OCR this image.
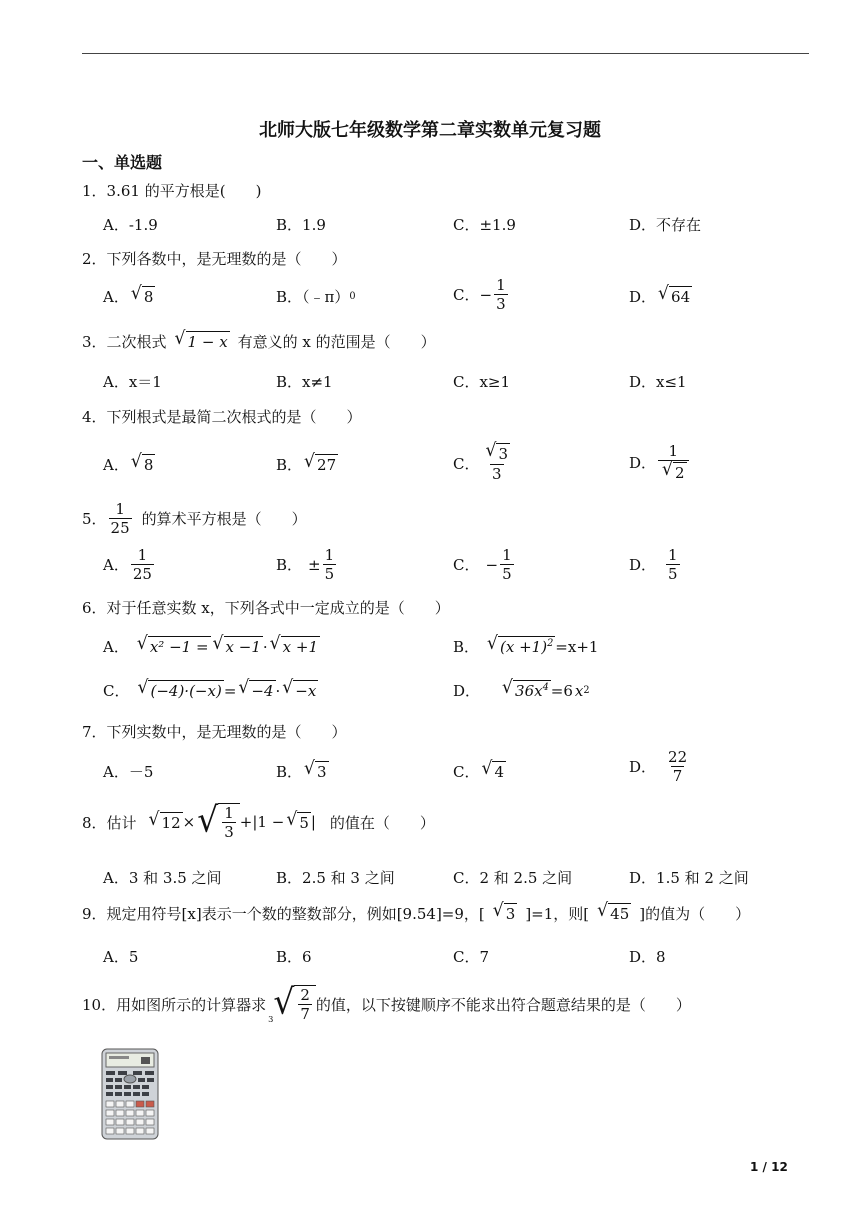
北师大版七年级数学第二章实数单元复习题
一、单选题
1．3.61 的平方根是(　　)
A．-1.9	B．1.9	C．±1.9	D．不存在
2．下列各数中，是无理数的是（　　）
A． √ 8	B．（﹣π） 0	C． − $\frac{1}{3}$	D． √ 64
3．二次根式 √ 1 − x 有意义的 x 的范围是（　　）
A．x＝1	B．x≠1	C．x≥1	D．x≤1
4．下列根式是最简二次根式的是（　　）
A． √ 8	B． √ 27	C． $\frac{√ 3}{3}$	D． $\frac{1}{√ 2}$
5． $\frac{1}{25}$ 的算术平方根是（　　）
A． $\frac{1}{25}$	B． ± $\frac{1}{5}$	C． − $\frac{1}{5}$	D． $\frac{1}{5}$
6．对于任意实数 x，下列各式中一定成立的是（　　）
A． √ x² −1 = √ x −1 · √ x +1	B． √ $(x +1)^2 =x+1$
C． √ (−4)·(−x) = √ −4 · √ −x	D． √ $36x^4 =6$ x 2
7．下列实数中，是无理数的是（　　）
A．－5	B． √ 3	C． √ 4	D． $\frac{22}{7}$
8．估计 √ 12 × √ $\frac{1}{3} + |1$ − √ 5 | 的值在（　　）
A．3 和 3.5 之间	B．2.5 和 3 之间	C．2 和 2.5 之间	D．1.5 和 2 之间
9．规定用符号[x]表示一个数的整数部分，例如[9.54]=9，[ √ 3 ]=1，则[ √ 45 ]的值为（　　）
A．5	B．6	C．7	D．8
10．用如图所示的计算器求
3 √ $\frac{2}{7}$ 的值，以下按键顺序不能求出符合题意结果的是（　　）
1 / 12
